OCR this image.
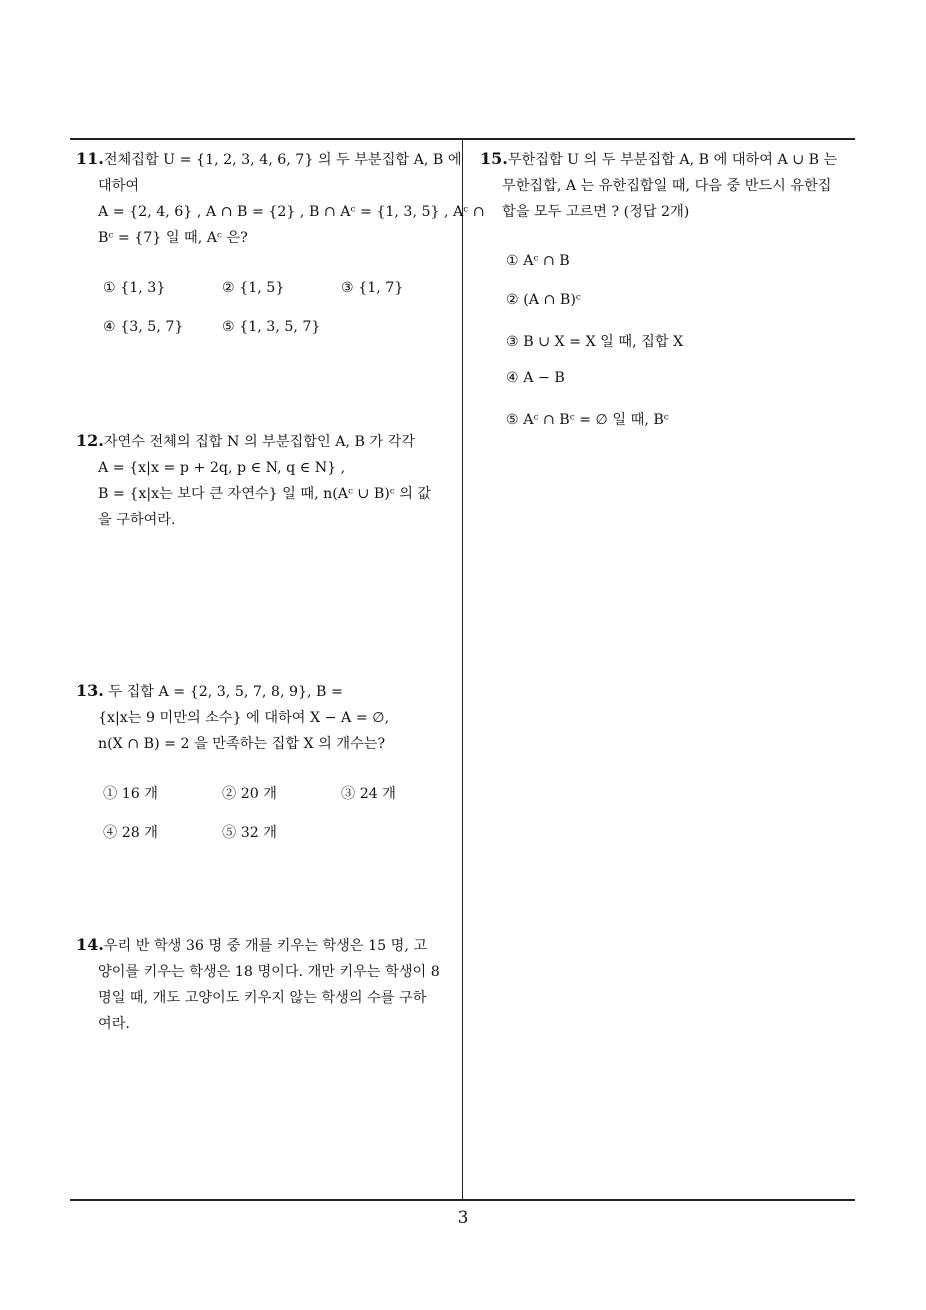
11.전체집합 U = {1, 2, 3, 4, 6, 7} 의 두 부분집합 A, B 에
대하여
A = {2, 4, 6} , A ∩ B = {2} , B ∩ Aᶜ = {1, 3, 5} , Aᶜ ∩
Bᶜ = {7} 일 때, Aᶜ 은?
① {1, 3}	② {1, 5}	③ {1, 7}
④ {3, 5, 7}	⑤ {1, 3, 5, 7}
12.자연수 전체의 집합 N 의 부분집합인 A, B 가 각각
A = {x|x = p + 2q, p ∈ N, q ∈ N} ,
B = {x|x는 보다 큰 자연수} 일 때, n(Aᶜ ∪ B)ᶜ 의 값
을 구하여라.
13. 두 집합 A = {2, 3, 5, 7, 8, 9}, B =
{x|x는 9 미만의 소수} 에 대하여 X − A = ∅,
n(X ∩ B) = 2 을 만족하는 집합 X 의 개수는?
① 16 개	② 20 개	③ 24 개
④ 28 개	⑤ 32 개
14.우리 반 학생 36 명 중 개를 키우는 학생은 15 명, 고
양이를 키우는 학생은 18 명이다. 개만 키우는 학생이 8
명일 때, 개도 고양이도 키우지 않는 학생의 수를 구하
여라.
15.무한집합 U 의 두 부분집합 A, B 에 대하여 A ∪ B 는
무한집합, A 는 유한집합일 때, 다음 중 반드시 유한집
합을 모두 고르면 ? (정답 2개)
① Aᶜ ∩ B
② (A ∩ B)ᶜ
③ B ∪ X = X 일 때, 집합 X
④ A − B
⑤ Aᶜ ∩ Bᶜ = ∅ 일 때, Bᶜ
3
